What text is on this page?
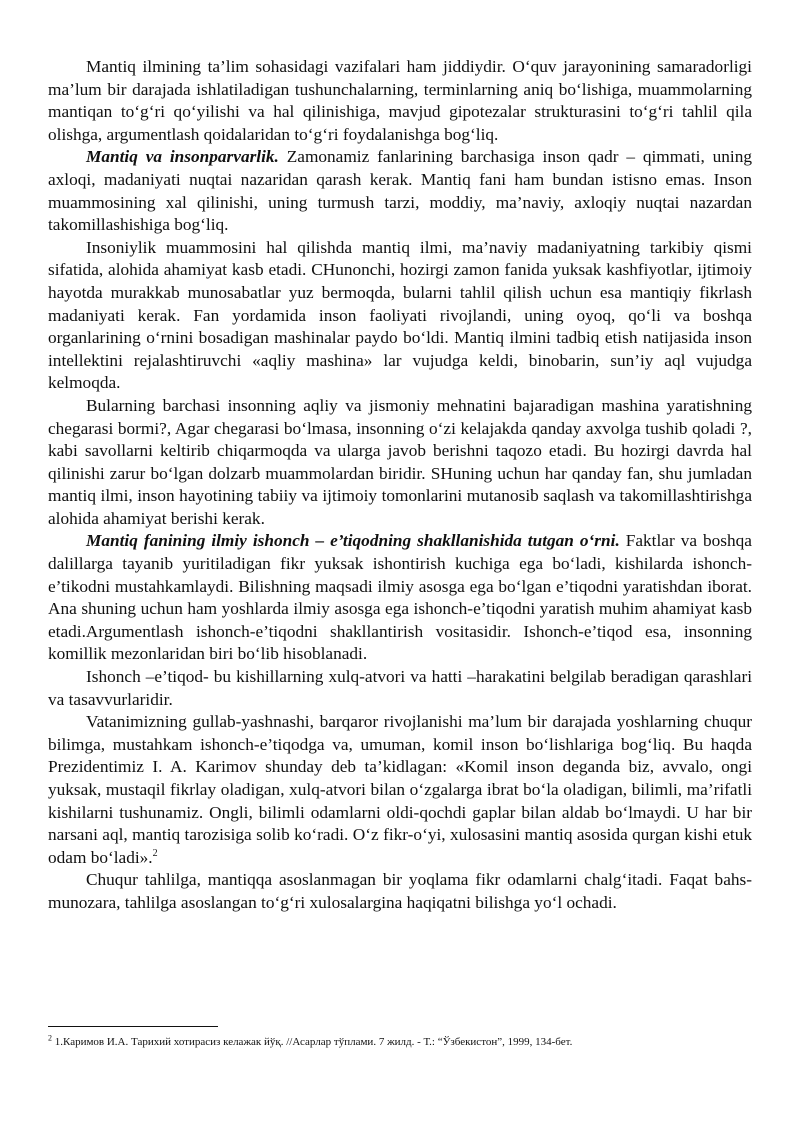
Mantiq ilmining ta’lim sohasidagi vazifalari ham jiddiydir. O‘quv jarayonining samaradorligi ma’lum bir darajada ishlatiladigan tushunchalarning, terminlarning aniq bo‘lishiga, muammolarning mantiqan to‘g‘ri qo‘yilishi va hal qilinishiga, mavjud gipotezalar strukturasini to‘g‘ri tahlil qila olishga, argumentlash qoidalaridan to‘g‘ri foydalanishga bog‘liq.

Mantiq va insonparvarlik. Zamonamiz fanlarining barchasiga inson qadr – qimmati, uning axloqi, madaniyati nuqtai nazaridan qarash kerak. Mantiq fani ham bundan istisno emas. Inson muammosining xal qilinishi, uning turmush tarzi, moddiy, ma’naviy, axloqiy nuqtai nazardan takomillashishiga bog‘liq.

Insoniylik muammosini hal qilishda mantiq ilmi, ma’naviy madaniyatning tarkibiy qismi sifatida, alohida ahamiyat kasb etadi. CHunonchi, hozirgi zamon fanida yuksak kashfiyotlar, ijtimoiy hayotda murakkab munosabatlar yuz bermoqda, bularni tahlil qilish uchun esa mantiqiy fikrlash madaniyati kerak. Fan yordamida inson faoliyati rivojlandi, uning oyoq, qo‘li va boshqa organlarining o‘rnini bosadigan mashinalar paydo bo‘ldi. Mantiq ilmini tadbiq etish natijasida inson intellektini rejalashtiruvchi «aqliy mashina» lar vujudga keldi, binobarin, sun’iy aql vujudga kelmoqda.

Bularning barchasi insonning aqliy va jismoniy mehnatini bajaradigan mashina yaratishning chegarasi bormi?, Agar chegarasi bo‘lmasa, insonning o‘zi kelajakda qanday axvolga tushib qoladi ?, kabi savollarni keltirib chiqarmoqda va ularga javob berishni taqozo etadi. Bu hozirgi davrda hal qilinishi zarur bo‘lgan dolzarb muammolardan biridir. SHuning uchun har qanday fan, shu jumladan mantiq ilmi, inson hayotining tabiiy va ijtimoiy tomonlarini mutanosib saqlash va takomillashtirishga alohida ahamiyat berishi kerak.

Mantiq fanining ilmiy ishonch – e’tiqodning shakllanishida tutgan o‘rni. Faktlar va boshqa dalillarga tayanib yuritiladigan fikr yuksak ishontirish kuchiga ega bo‘ladi, kishilarda ishonch-e’tikodni mustahkamlaydi. Bilishning maqsadi ilmiy asosga ega bo‘lgan e’tiqodni yaratishdan iborat. Ana shuning uchun ham yoshlarda ilmiy asosga ega ishonch-e’tiqodni yaratish muhim ahamiyat kasb etadi.Argumentlash ishonch-e’tiqodni shakllantirish vositasidir. Ishonch-e’tiqod esa, insonning komillik mezonlaridan biri bo‘lib hisoblanadi.

Ishonch –e’tiqod- bu kishillarning xulq-atvori va hatti –harakatini belgilab beradigan qarashlari va tasavvurlaridir.

Vatanimizning gullab-yashnashi, barqaror rivojlanishi ma’lum bir darajada yoshlarning chuqur bilimga, mustahkam ishonch-e’tiqodga va, umuman, komil inson bo‘lishlariga bog‘liq. Bu haqda Prezidentimiz I. A. Karimov shunday deb ta’kidlagan: «Komil inson deganda biz, avvalo, ongi yuksak, mustaqil fikrlay oladigan, xulq-atvori bilan o‘zgalarga ibrat bo‘la oladigan, bilimli, ma’rifatli kishilarni tushunamiz. Ongli, bilimli odamlarni oldi-qochdi gaplar bilan aldab bo‘lmaydi. U har bir narsani aql, mantiq tarozisiga solib ko‘radi. O‘z fikr-o‘yi, xulosasini mantiq asosida qurgan kishi etuk odam bo‘ladi».$^2$

Chuqur tahlilga, mantiqqa asoslanmagan bir yoqlama fikr odamlarni chalg‘itadi. Faqat bahs-munozara, tahlilga asoslangan to‘g‘ri xulosalargina haqiqatni bilishga yo‘l ochadi.

$^2$ 1.Каримов И.А. Тарихий хотирасиз келажак йўқ. //Асарлар тўплами. 7 жилд. - Т.: “Ўзбекистон”, 1999, 134-бет.
